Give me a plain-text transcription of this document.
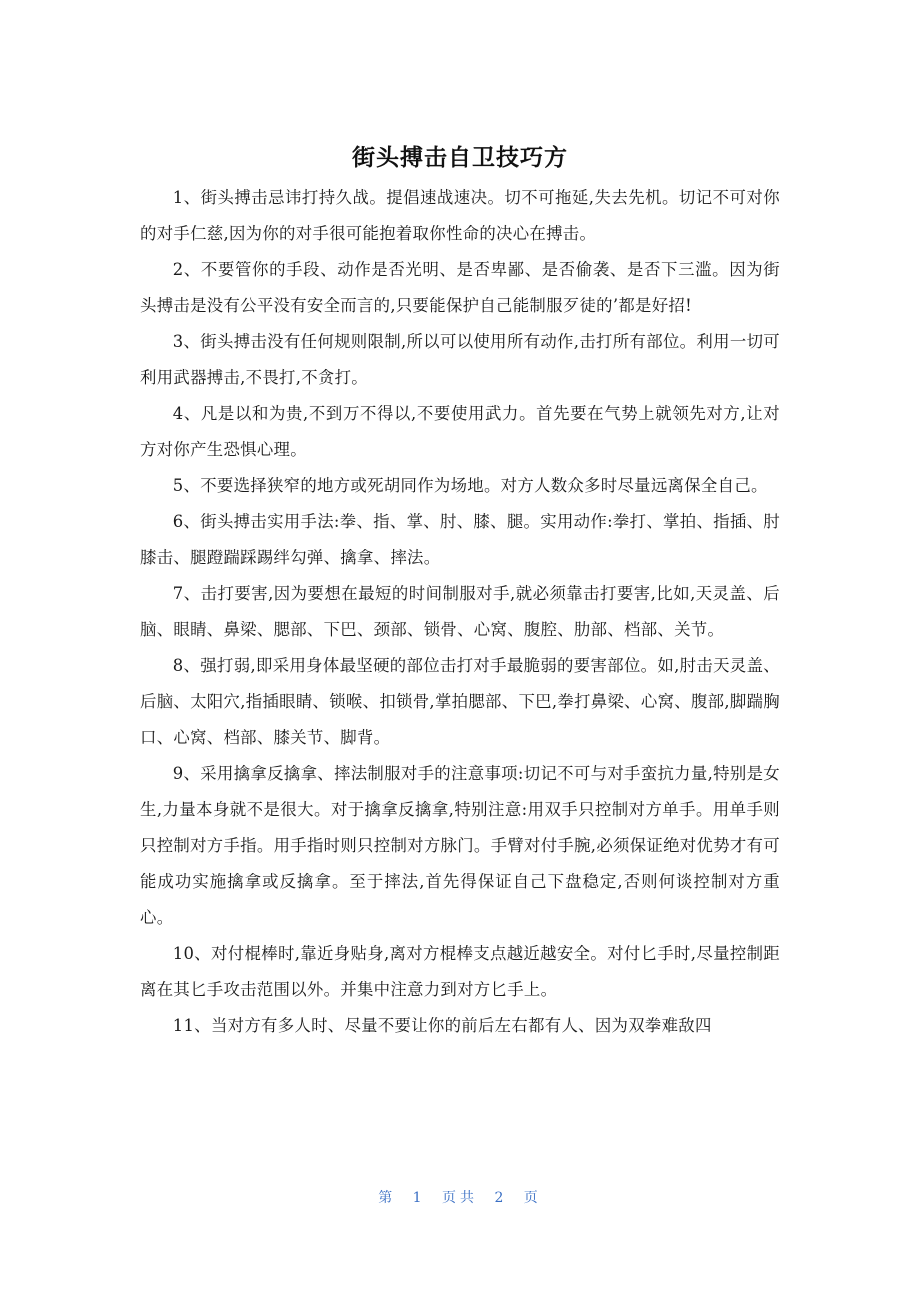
街头搏击自卫技巧方

1、街头搏击忌讳打持久战。提倡速战速决。切不可拖延,失去先机。切记不可对你的对手仁慈,因为你的对手很可能抱着取你性命的决心在搏击。

2、不要管你的手段、动作是否光明、是否卑鄙、是否偷袭、是否下三滥。因为街头搏击是没有公平没有安全而言的,只要能保护自己能制服歹徒的’都是好招!

3、街头搏击没有任何规则限制,所以可以使用所有动作,击打所有部位。利用一切可利用武器搏击,不畏打,不贪打。

4、凡是以和为贵,不到万不得以,不要使用武力。首先要在气势上就领先对方,让对方对你产生恐惧心理。

5、不要选择狭窄的地方或死胡同作为场地。对方人数众多时尽量远离保全自己。

6、街头搏击实用手法:拳、指、掌、肘、膝、腿。实用动作:拳打、掌拍、指插、肘膝击、腿蹬踹踩踢绊勾弹、擒拿、摔法。

7、击打要害,因为要想在最短的时间制服对手,就必须靠击打要害,比如,天灵盖、后脑、眼睛、鼻梁、腮部、下巴、颈部、锁骨、心窝、腹腔、肋部、档部、关节。

8、强打弱,即采用身体最坚硬的部位击打对手最脆弱的要害部位。如,肘击天灵盖、后脑、太阳穴,指插眼睛、锁喉、扣锁骨,掌拍腮部、下巴,拳打鼻梁、心窝、腹部,脚踹胸口、心窝、档部、膝关节、脚背。

9、采用擒拿反擒拿、摔法制服对手的注意事项:切记不可与对手蛮抗力量,特别是女生,力量本身就不是很大。对于擒拿反擒拿,特别注意:用双手只控制对方单手。用单手则只控制对方手指。用手指时则只控制对方脉门。手臂对付手腕,必须保证绝对优势才有可能成功实施擒拿或反擒拿。至于摔法,首先得保证自己下盘稳定,否则何谈控制对方重心。

10、对付棍棒时,靠近身贴身,离对方棍棒支点越近越安全。对付匕手时,尽量控制距离在其匕手攻击范围以外。并集中注意力到对方匕手上。

11、当对方有多人时、尽量不要让你的前后左右都有人、因为双拳难敌四

第 1 页共 2 页
